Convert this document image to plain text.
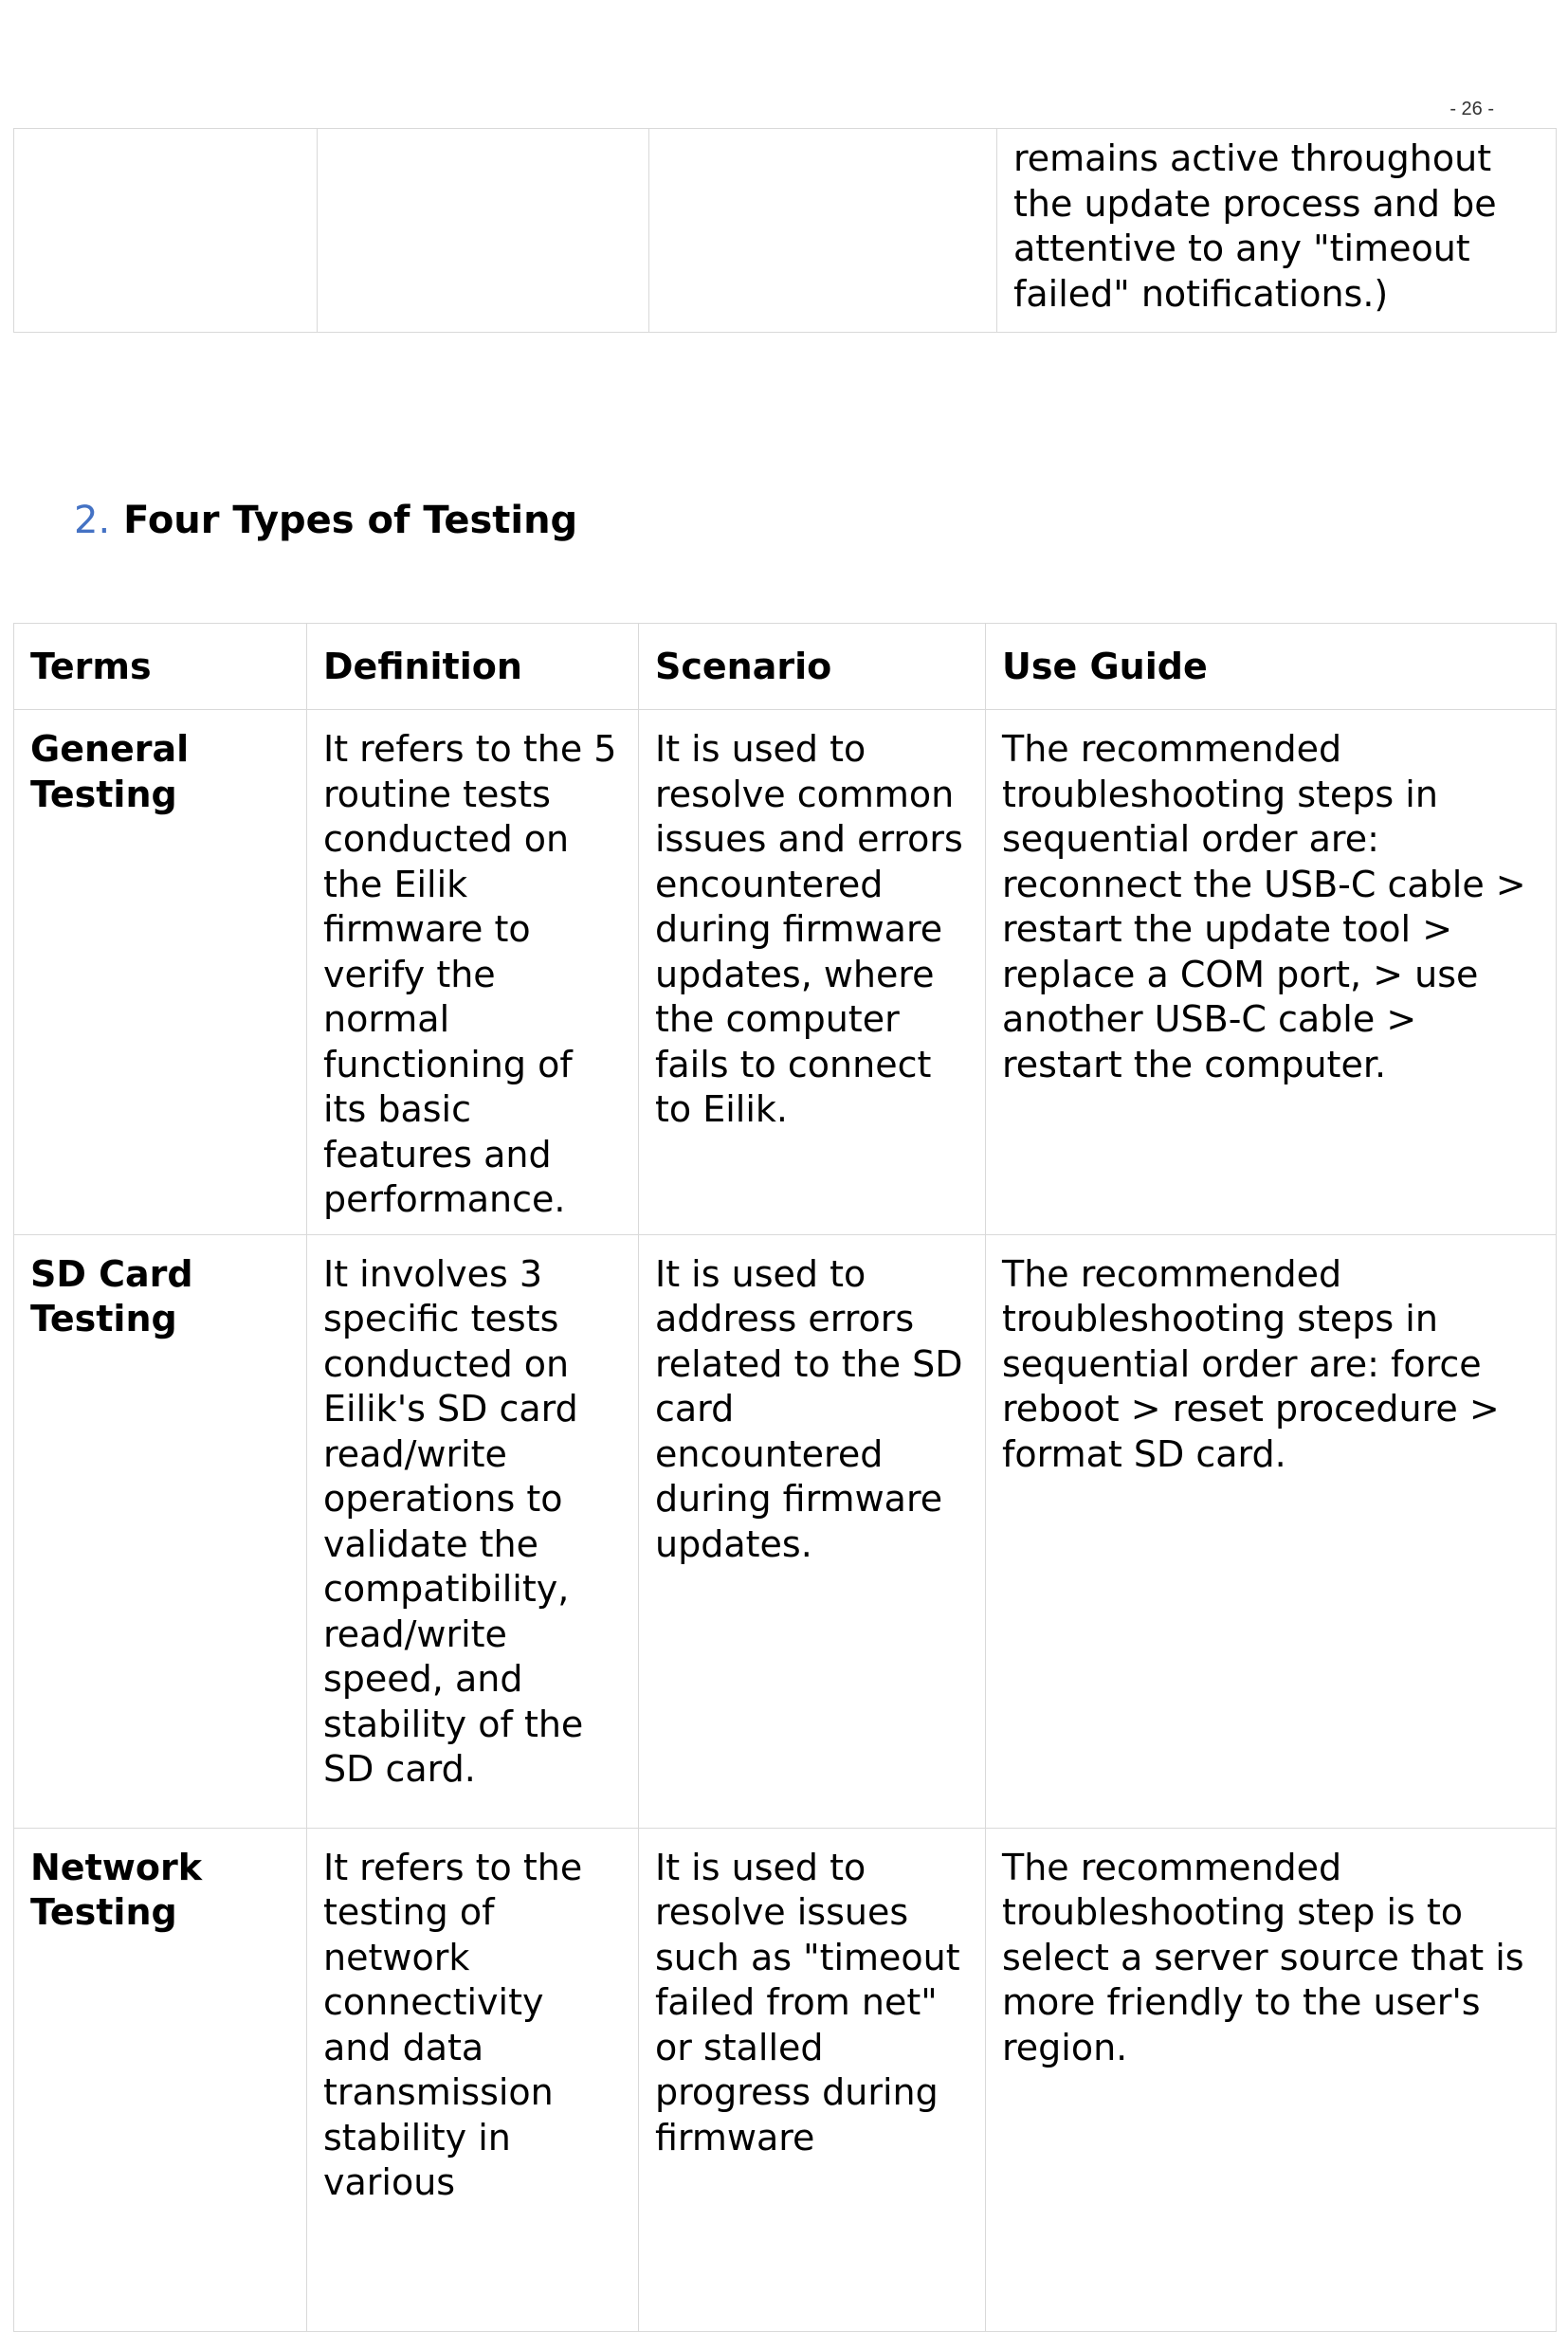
- 26 -
			remains active throughout the update process and be attentive to any "timeout failed" notifications.)
2. Four Types of Testing
Terms	Definition	Scenario	Use Guide
General Testing	It refers to the 5 routine tests conducted on the Eilik firmware to verify the normal functioning of its basic features and performance.	It is used to resolve common issues and errors encountered during firmware updates, where the computer fails to connect to Eilik.	The recommended troubleshooting steps in sequential order are: reconnect the USB-C cable > restart the update tool > replace a COM port, > use another USB-C cable > restart the computer.
SD Card Testing	It involves 3 specific tests conducted on Eilik's SD card read/write operations to validate the compatibility, read/write speed, and stability of the SD card.	It is used to address errors related to the SD card encountered during firmware updates.	The recommended troubleshooting steps in sequential order are: force reboot > reset procedure > format SD card.
Network Testing	It refers to the testing of network connectivity and data transmission stability in various	It is used to resolve issues such as "timeout failed from net" or stalled progress during firmware	The recommended troubleshooting step is to select a server source that is more friendly to the user's region.
